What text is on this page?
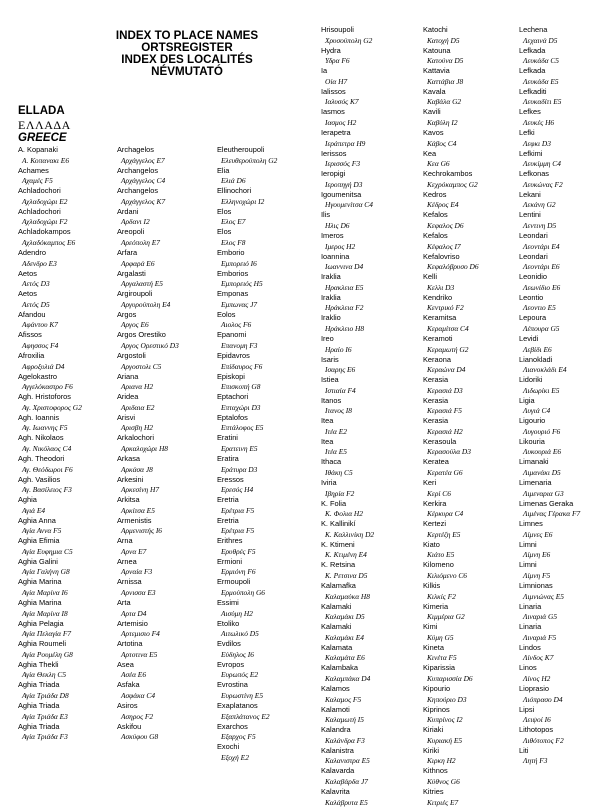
INDEX TO PLACE NAMES
ORTSREGISTER
INDEX DES LOCALITÉS
NÉVMUTATÓ
ELLADA
ΕΛΛΑΔΑ
GREECE
A. Kopanaki
Α. Κοπανακι E6
Achames
Αχαμές F5
Achladochori
Αχλαδοχώρι E2
Achladochori
Αχλαδοχώρι F2
Achladokampos
Αχλαδόκαμπος E6
Adendro
Αδενδρο E3
Aetos
Αετός D3
Aetos
Αετός D5
Afandou
Αφάντου K7
Afissos
Αφησσος F4
Afroxilia
Αφροξυλιά D4
Agelokastro
Αγγελόκαστρο F6
Agh. Hristoforos
Αγ. Χριστοφορος G2
Agh. Ioannis
Αγ. Ιωαννης F5
Agh. Nikolaos
Αγ. Νικόλαος C4
Agh. Theodori
Αγ. Θεόδωροι F6
Agh. Vasilios
Αγ. Βασίλειος F3
Aghia
Αγιά E4
Aghia Anna
Αγία Αννα F5
Aghia Efimia
Αγία Ευφημια C5
Aghia Galini
Αγία Γαλήνη G8
Aghia Marina
Αγία Μαρίνα I6
Aghia Marina
Αγία Μαρίνα I8
Aghia Pelagia
Αγία Πελαγία F7
Aghia Roumeli
Αγία Ρουμέλη G8
Aghia Thekli
Αγία Θεκλη C5
Aghia Triada
Αγία Τριάδα D8
Aghia Triada
Αγία Τριάδα E3
Aghia Triada
Αγία Τριάδα F3
Archagelos
Αρχάγγελος E7
Archangelos
Αρχάγγελος C4
Archangelos
Αρχάγγελος K7
Ardani
Αρδανι I2
Areopoli
Αρεόπολη E7
Arfara
Αρφαρά E6
Argalasti
Αργαλαστή E5
Argiroupoli
Αργυρούπολη E4
Argos
Αργος E6
Argos Orestiko
Αργος Ορεστικό D3
Argostoli
Αργοστολι C5
Ariana
Αριανα H2
Aridea
Αριδαια E2
Arisvi
Αρισβη H2
Arkalochori
Αρκαλοχώρι H8
Arkasa
Αρκάσα J8
Arkesini
Αρκεσίνη H7
Arkitsa
Αρκίτσα E5
Armenistis
Αρμενιστής I6
Arna
Αρνα E7
Arnea
Αρναία F3
Arnissa
Αρνισσα E3
Arta
Αρτα D4
Artemisio
Αρτεμισιο F4
Artotina
Αρτοτινα E5
Asea
Ασέα E6
Asfaka
Ασφάκα C4
Asiros
Ασηρος F2
Askifou
Ασκύφου G8
Eleutheroupoli
Ελευθερούπολη G2
Elia
Ελιά D6
Ellinochori
Ελληνοχώρι I2
Elos
Ελος E7
Elos
Ελος F8
Emborio
Εμπορειό I6
Emborios
Εμπορειός H5
Emponas
Εμπωνας J7
Eolos
Αιολος F6
Epanomi
Επανομη F3
Epidavros
Επίδαυρος F6
Episkopi
Επισκοπή G8
Eptachori
Επταχώρι D3
Eptalofos
Επτάλοφος E5
Eratini
Ερατεινη E5
Eratira
Εράτυρα D3
Eressos
Ερεσός H4
Eretria
Ερέτρια F5
Eretria
Ερέτρια F5
Erithres
Ερυθρές F5
Ermioni
Ερμιόνη F6
Ermoupoli
Ερμούπολη G6
Essimi
Αισύμη H2
Etoliko
Αιτωλικό D5
Evdilos
Εύδηλος I6
Evropos
Ευρωπός E2
Evrostina
Ευρωστίνη E5
Exaplatanos
Εξαπλάτανος E2
Exarchos
Εξαρχος F5
Exochi
Εξοχή E2
Hrisoupoli
Χρυσούπολη G2
Hydra
Υδρα F6
Ia
Οία H7
Ialissos
Ιαλυσός K7
Iasmos
Ιασμος H2
Ierapetra
Ιεράπετρα H9
Ierissos
Ιερισσός F3
Ieropigi
Ιεροπηγή D3
Igoumenitsa
Ηγουμενίτσα C4
Ilis
Ηλις D6
Imeros
Ιμερος H2
Ioannina
Ιωαννινα D4
Iraklia
Ηρακλεια E5
Iraklia
Ηράκλεια F2
Iraklio
Ηράκλειο H8
Ireo
Ηραίο I6
Isaris
Ισαρης E6
Istiea
Ιστιαία F4
Itanos
Ιτανος I8
Itea
Ιτέα E2
Itea
Ιτέα E5
Ithaca
Ιθάκη C5
Iviria
Ιβηρία F2
K. Folia
Κ. Φολια H2
K. Kallinikí
Κ. Καλλινίκη D2
K. Ktimeni
Κ. Κτιμένη E4
K. Retsina
Κ. Ρετσινα D5
Kalamafka
Καλαμαύκα H8
Kalamaki
Καλαμάκι D5
Kalamaki
Καλαμάκι E4
Kalamata
Καλαμάτα E6
Kalambaka
Καλαμπάκα D4
Kalamos
Καλαμος F5
Kalamoti
Καλαμωτή I5
Kalandra
Καλάνδρα F3
Kalanistra
Καλανιστρα E5
Kalavarda
Καλαβάρδα J7
Kalavrita
Καλάβρυτα E5
Katochi
Κατοχή D5
Katouna
Κατούνα D5
Kattavia
Καττάβια J8
Kavala
Καβάλα G2
Kavili
Καβύλη I2
Kavos
Κάβος C4
Kea
Κεα G6
Kechrokambos
Κεχρόκαμπος G2
Kedros
Κέδρος E4
Kefalos
Κεφαλος D6
Kefalos
Κέφαλος I7
Kefalovriso
Κεφαλόβρυσο D6
Kelli
Κελλι D3
Kendriko
Κεντρικό F2
Keramitsa
Κεραμίτσα C4
Keramoti
Κεραμωτή G2
Keraona
Κεραώνα D4
Kerasia
Κερασιά D3
Kerasia
Κερασιά F5
Kerasia
Κερασιά H2
Kerasoula
Κερασούλα D3
Keratea
Κερατέα G6
Keri
Κερί C6
Kerkira
Κέρκυρα C4
Kertezi
Κερτέζη E5
Kiato
Κιάτο E5
Kilomeno
Κιλιόμενο C6
Kilkis
Κιλκίς F2
Kimeria
Κιμμέρια G2
Kimi
Κύμη G5
Kineta
Κινέτα F5
Kiparissia
Κυπαρισσία D6
Kipourio
Κηπούριο D3
Kiprinos
Κυπρίνος I2
Kiriaki
Κυριακή E5
Kiriki
Κιρκη H2
Kithnos
Κύθνος G6
Kitries
Κιτριές E7
Lechena
Λεχαινά D5
Lefkada
Λευκάδα C5
Lefkada
Λευκάδα E5
Lefkaditi
Λευκαδίτι E5
Lefkes
Λευκές H6
Lefki
Λεφκι D3
Lefkimi
Λευκίμμη C4
Lefkonas
Λευκώνας F2
Lekani
Λεκάνη G2
Lentini
Λεντινη D5
Leondari
Λεοντάρι E4
Leondari
Λεοντάρι E6
Leonidio
Λεωνίδιο E6
Leontio
Λεοντιο E5
Lepoura
Λέπουρα G5
Levidi
Λεβίδι E6
Lianokladi
Λιανοκλάδι E4
Lidoriki
Λιδωρίκι E5
Ligia
Λυγιά C4
Ligourio
Λυγουριό F6
Likouria
Λυκουριά E6
Limanaki
Λιμανάκι D5
Limenaria
Λιμεναρια G3
Limenas Geraka
Λιμένας Γέρακα F7
Limnes
Λίμνες E6
Limni
Λίμνη E6
Limni
Λίμνη F5
Limnionas
Λιμνιώνας E5
Linaria
Λιναριά G5
Linaria
Λιναριά F5
Lindos
Λίνδος K7
Linos
Λίνος H2
Lioprasio
Λιόπρασο D4
Lipsi
Λειψοί I6
Lithotopos
Λιθότοπος F2
Liti
Λητή F3
